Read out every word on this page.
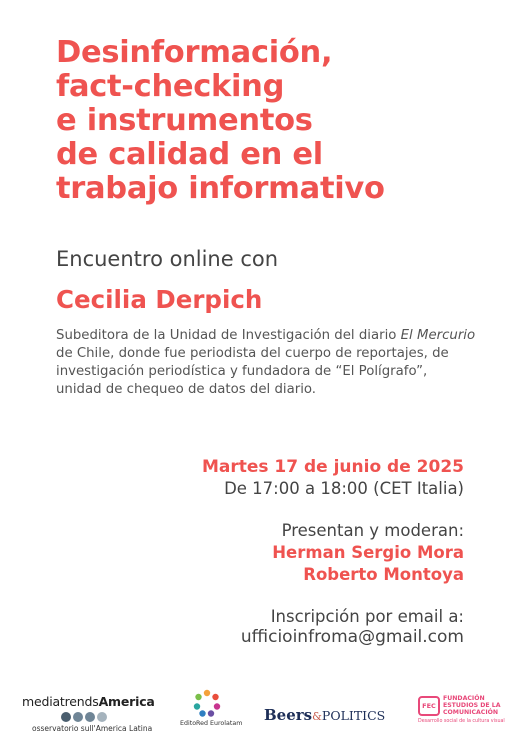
Desinformación,
fact-checking
e instrumentos
de calidad en el
trabajo informativo
Encuentro online con
Cecilia Derpich
Subeditora de la Unidad de Investigación del diario El Mercurio de Chile, donde fue periodista del cuerpo de reportajes, de investigación periodística y fundadora de “El Polígrafo”, unidad de chequeo de datos del diario.
Martes 17 de junio de 2025
De 17:00 a 18:00 (CET Italia)
Presentan y moderan:
Herman Sergio Mora
Roberto Montoya
Inscripción por email a:
ufficioinfroma@gmail.com
mediatrendsAmerica
osservatorio sull'America Latina
EditoRed Eurolatam Beers&POLITICS
FEC
FUNDACIÓN
ESTUDIOS DE LA
COMUNICACIÓN
Desarrollo social de la cultura visual
